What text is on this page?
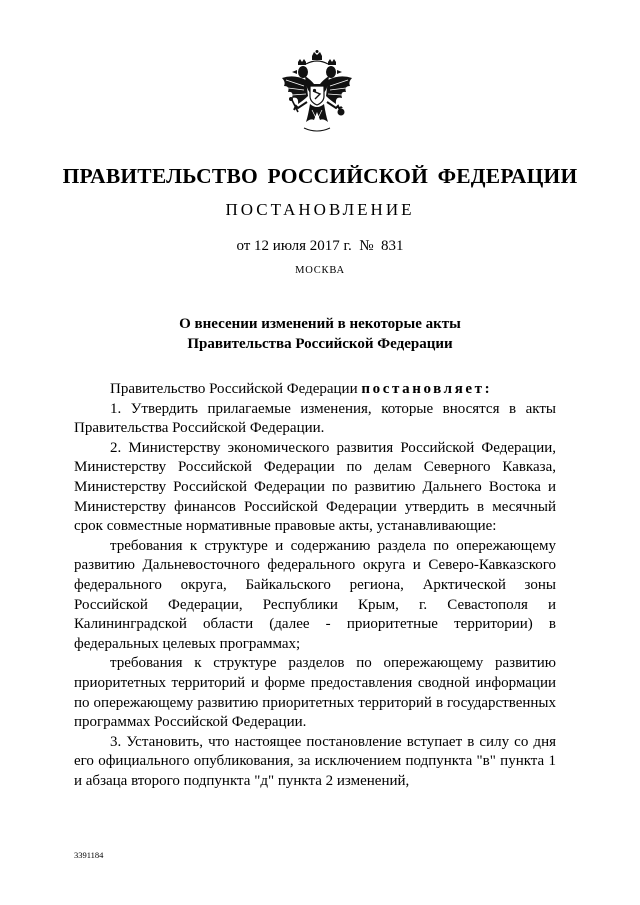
ПРАВИТЕЛЬСТВО РОССИЙСКОЙ ФЕДЕРАЦИИ
ПОСТАНОВЛЕНИЕ
от 12 июля 2017 г.  №  831
МОСКВА
О внесении изменений в некоторые акты
Правительства Российской Федерации

Правительство Российской Федерации постановляет:

1. Утвердить прилагаемые изменения, которые вносятся в акты Правительства Российской Федерации.

2. Министерству экономического развития Российской Федерации, Министерству Российской Федерации по делам Северного Кавказа, Министерству Российской Федерации по развитию Дальнего Востока и Министерству финансов Российской Федерации утвердить в месячный срок совместные нормативные правовые акты, устанавливающие:

требования к структуре и содержанию раздела по опережающему развитию Дальневосточного федерального округа и Северо-Кавказского федерального округа, Байкальского региона, Арктической зоны Российской Федерации, Республики Крым, г. Севастополя и Калининградской области (далее - приоритетные территории) в федеральных целевых программах;

требования к структуре разделов по опережающему развитию приоритетных территорий и форме предоставления сводной информации по опережающему развитию приоритетных территорий в государственных программах Российской Федерации.

3. Установить, что настоящее постановление вступает в силу со дня его официального опубликования, за исключением подпункта "в" пункта 1 и абзаца второго подпункта "д" пункта 2 изменений,

3391184
